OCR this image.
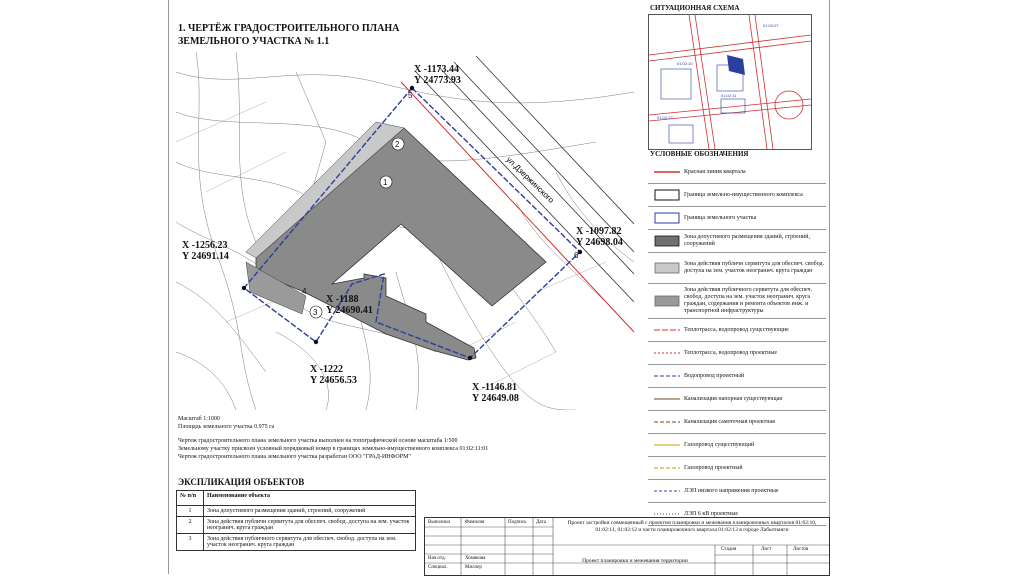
1. ЧЕРТЁЖ ГРАДОСТРОИТЕЛЬНОГО ПЛАНА
ЗЕМЕЛЬНОГО УЧАСТКА № 1.1
ул.Дзержинского
1
2
3
4
5
6
X -1173.44
Y 24773.93
X -1097.82
Y 24698.04
X -1256.23
Y 24691.14
X -1188
Y 24690.41
X -1222
Y 24656.53
X -1146.81
Y 24649.08
Масштаб 1:1000
Площадь земельного участка 0.975 га
Чертеж градостроительного плана земельного участка выполнен на топографической основе масштаба 1:500
Земельному участку присвоен условный порядковый номер в границах земельно-имущественного комплекса 01:02:11:01
Чертеж градостроительного плана земельного участка разработан ООО "ГРАД-ИНФОРМ"
ЭКСПЛИКАЦИЯ ОБЪЕКТОВ
№ п/п	Наименование объекта
1	Зона допустимого размещения зданий, строений, сооружений
2	Зона действия публичн сервитута для обеспеч. свобод. доступа на зем. участок неогранич. круга граждан
3	Зона действия публичного сервитута для обеспеч. свобод. доступа на зем. участок неогранич. круга граждан
Выполнил	Фамилия	Подпись Дата
Нач.отд.	Хомякова
Специал.	Миллер
Проект застройки совмещенный с проектом планировки и межевания планировочных кварталов 01:02:10, 01:02:11, 01:02:12 и части планировочного квартала 01:02:13 в городе Лабытнанги
Проект планировки и межевания территории
Стадия	Лист	Листов
СИТУАЦИОННАЯ СХЕМА
01:02:07
01:02:10
01:02:11
01:02:12
УСЛОВНЫЕ ОБОЗНАЧЕНИЯ
Красная линия квартала
Граница земельно-имущественного комплекса
Граница земельного участка
Зона допустимого размещения зданий, строений, сооружений
Зона действия публичн сервитута для обеспеч. свобод. доступа на зем. участок неогранич. круга граждан
Зона действия публичного сервитута для обеспеч. свобод. доступа на зем. участок неогранич. круга граждан, содержания и ремонта объектов инж. и транспортной инфраструктуры
Теплотрасса, водопровод существующие
Теплотрасса, водопровод проектные
Водопровод проектный
Канализация напорная существующая
Канализация самотечная проектная
Газопровод существующий
Газопровод проектный
ЛЭП низкого напряжения проектные
ЛЭП 6 кВ проектные
